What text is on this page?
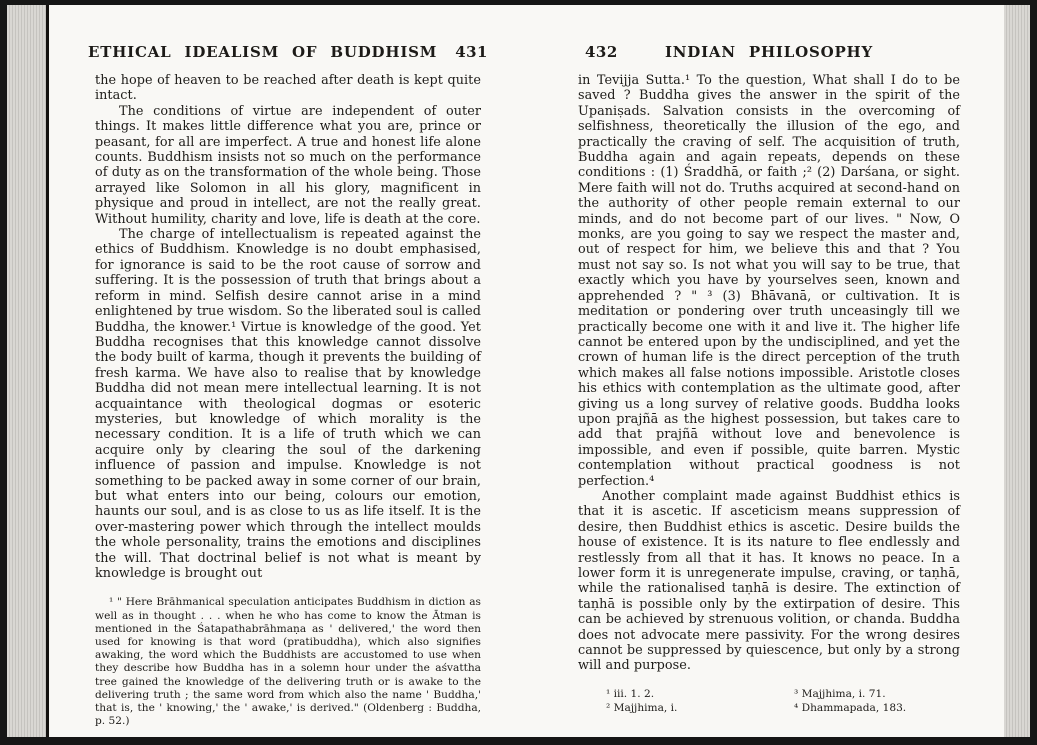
ETHICAL IDEALISM OF BUDDHISM 431

the hope of heaven to be reached after death is kept quite intact.

The conditions of virtue are independent of outer things. It makes little difference what you are, prince or peasant, for all are imperfect. A true and honest life alone counts. Buddhism insists not so much on the performance of duty as on the transformation of the whole being. Those arrayed like Solomon in all his glory, magnificent in physique and proud in intellect, are not the really great. Without humility, charity and love, life is death at the core.

The charge of intellectualism is repeated against the ethics of Buddhism. Knowledge is no doubt emphasised, for ignorance is said to be the root cause of sorrow and suffering. It is the possession of truth that brings about a reform in mind. Selfish desire cannot arise in a mind enlightened by true wisdom. So the liberated soul is called Buddha, the knower.¹ Virtue is knowledge of the good. Yet Buddha recognises that this knowledge cannot dissolve the body built of karma, though it prevents the building of fresh karma. We have also to realise that by knowledge Buddha did not mean mere intellectual learning. It is not acquaintance with theological dogmas or esoteric mysteries, but knowledge of which morality is the necessary condition. It is a life of truth which we can acquire only by clearing the soul of the darkening influence of passion and impulse. Knowledge is not something to be packed away in some corner of our brain, but what enters into our being, colours our emotion, haunts our soul, and is as close to us as life itself. It is the over-mastering power which through the intellect moulds the whole personality, trains the emotions and disciplines the will. That doctrinal belief is not what is meant by knowledge is brought out

¹ " Here Brāhmanical speculation anticipates Buddhism in diction as well as in thought . . . when he who has come to know the Ātman is mentioned in the Śatapathabrāhmaṇa as ' delivered,' the word then used for knowing is that word (pratibuddha), which also signifies awaking, the word which the Buddhists are accustomed to use when they describe how Buddha has in a solemn hour under the aśvattha tree gained the knowledge of the delivering truth or is awake to the delivering truth ; the same word from which also the name ' Buddha,' that is, the ' knowing,' the ' awake,' is derived." (Oldenberg : Buddha, p. 52.)
432	INDIAN PHILOSOPHY

in Tevijja Sutta.¹ To the question, What shall I do to be saved ? Buddha gives the answer in the spirit of the Upaniṣads. Salvation consists in the overcoming of selfishness, theoretically the illusion of the ego, and practically the craving of self. The acquisition of truth, Buddha again and again repeats, depends on these conditions : (1) Śraddhā, or faith ;² (2) Darśana, or sight. Mere faith will not do. Truths acquired at second-hand on the authority of other people remain external to our minds, and do not become part of our lives. " Now, O monks, are you going to say we respect the master and, out of respect for him, we believe this and that ? You must not say so. Is not what you will say to be true, that exactly which you have by yourselves seen, known and apprehended ? " ³ (3) Bhāvanā, or cultivation. It is meditation or pondering over truth unceasingly till we practically become one with it and live it. The higher life cannot be entered upon by the undisciplined, and yet the crown of human life is the direct perception of the truth which makes all false notions impossible. Aristotle closes his ethics with contemplation as the ultimate good, after giving us a long survey of relative goods. Buddha looks upon prajñā as the highest possession, but takes care to add that prajñā without love and benevolence is impossible, and even if possible, quite barren. Mystic contemplation without practical goodness is not perfection.⁴

Another complaint made against Buddhist ethics is that it is ascetic. If asceticism means suppression of desire, then Buddhist ethics is ascetic. Desire builds the house of existence. It is its nature to flee endlessly and restlessly from all that it has. It knows no peace. In a lower form it is unregenerate impulse, craving, or taṇhā, while the rationalised taṇhā is desire. The extinction of taṇhā is possible only by the extirpation of desire. This can be achieved by strenuous volition, or chanda. Buddha does not advocate mere passivity. For the wrong desires cannot be suppressed by quiescence, but only by a strong will and purpose.

¹ iii. 1. 2.

² Majjhima, i.

³ Majjhima, i. 71.

⁴ Dhammapada, 183.
